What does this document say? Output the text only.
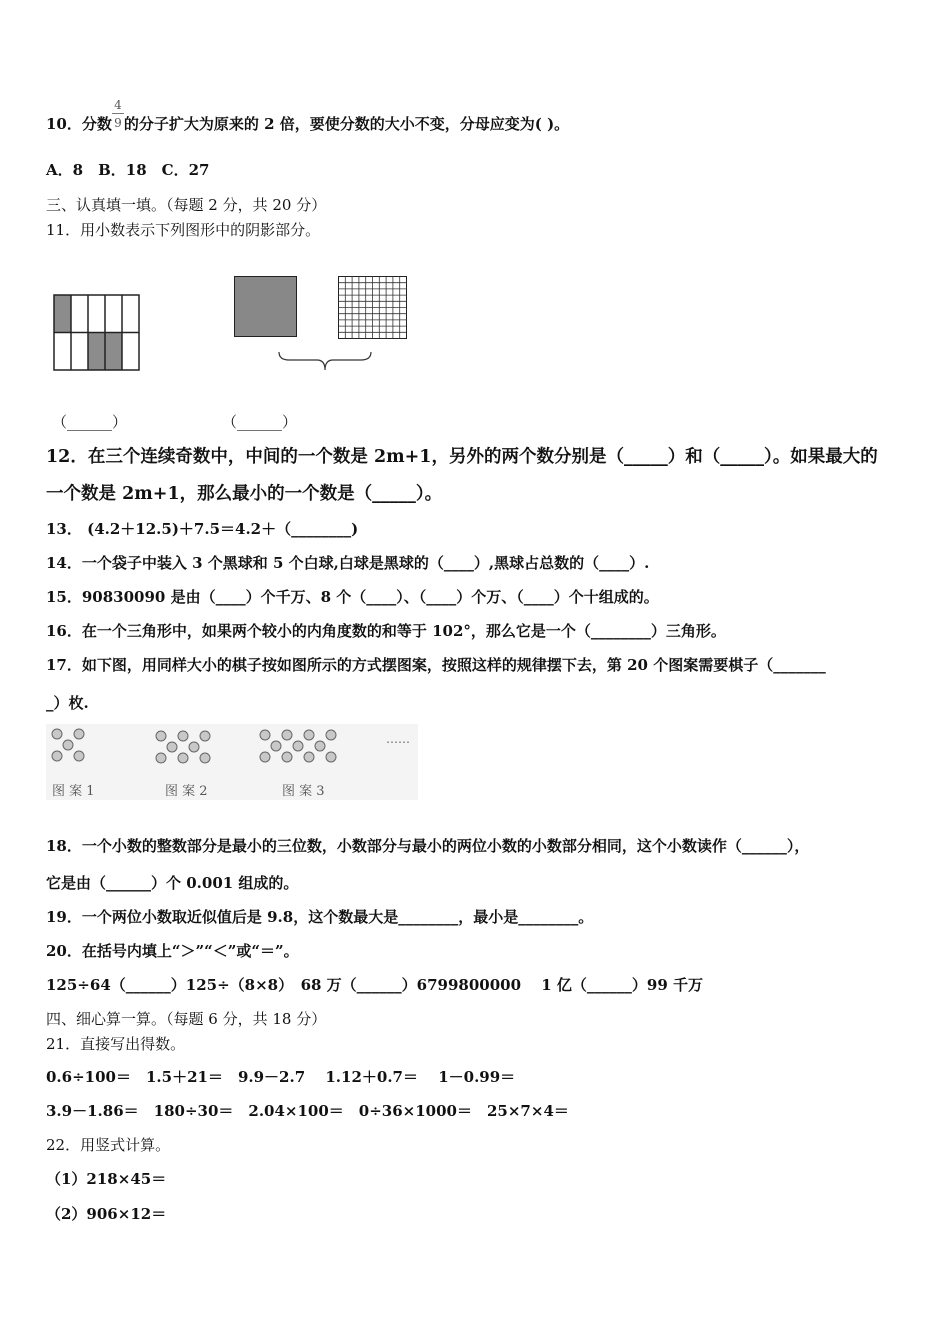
10．分数 的分子扩大为原来的 2 倍，要使分数的大小不变，分母应变为( )。
4
9
A．8　B．18　C．27
三、认真填一填。（每题 2 分，共 20 分）
11．用小数表示下列图形中的阴影部分。
（______）	（______）
12．在三个连续奇数中，中间的一个数是 2m+1，另外的两个数分别是（_____）和（_____）。如果最大的
一个数是 2m+1，那么最小的一个数是（_____）。
13． (4.2＋12.5)＋7.5＝4.2＋（________)
14．一个袋子中装入 3 个黑球和 5 个白球,白球是黑球的（____）,黑球占总数的（____）.
15．90830090 是由（____）个千万、8 个（____）、（____）个万、（____）个十组成的。
16．在一个三角形中，如果两个较小的内角度数的和等于 102°，那么它是一个（________）三角形。
17．如下图，用同样大小的棋子按如图所示的方式摆图案，按照这样的规律摆下去，第 20 个图案需要棋子（_______
_）枚.
……
图 案 1	图 案 2	图 案 3
18．一个小数的整数部分是最小的三位数，小数部分与最小的两位小数的小数部分相同，这个小数读作（______），
它是由（______）个 0.001 组成的。
19．一个两位小数取近似值后是 9.8，这个数最大是________，最小是________。
20．在括号内填上“＞”“＜”或“＝”。
125÷64（______）125÷（8×8）　68 万（______）6799800000　 1 亿（______）99 千万
四、细心算一算。（每题 6 分，共 18 分）
21．直接写出得数。
0.6÷100＝　1.5＋21＝　9.9－2.7　 1.12＋0.7＝　 1－0.99＝
3.9－1.86＝　180÷30＝　2.04×100＝　0÷36×1000＝　25×7×4＝
22．用竖式计算。
（1）218×45＝
（2）906×12＝
